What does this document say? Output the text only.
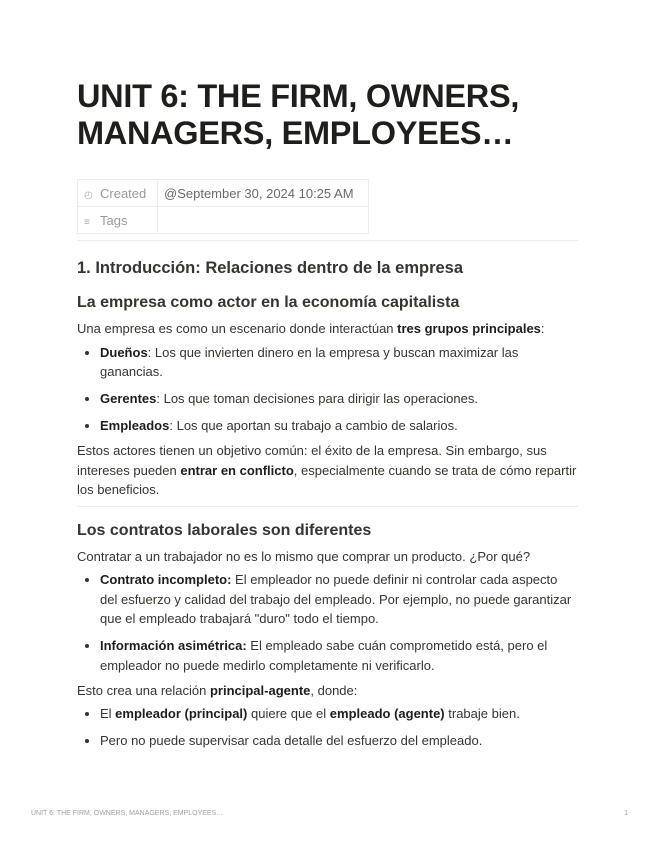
UNIT 6: THE FIRM, OWNERS, MANAGERS, EMPLOYEES…
◴ Created	@September 30, 2024 10:25 AM
≡ Tags	
1. Introducción: Relaciones dentro de la empresa
La empresa como actor en la economía capitalista

Una empresa es como un escenario donde interactúan tres grupos principales:

• Dueños: Los que invierten dinero en la empresa y buscan maximizar las ganancias.
• Gerentes: Los que toman decisiones para dirigir las operaciones.
• Empleados: Los que aportan su trabajo a cambio de salarios.

Estos actores tienen un objetivo común: el éxito de la empresa. Sin embargo, sus intereses pueden entrar en conflicto, especialmente cuando se trata de cómo repartir los beneficios.

Los contratos laborales son diferentes

Contratar a un trabajador no es lo mismo que comprar un producto. ¿Por qué?

• Contrato incompleto: El empleador no puede definir ni controlar cada aspecto del esfuerzo y calidad del trabajo del empleado. Por ejemplo, no puede garantizar que el empleado trabajará "duro" todo el tiempo.
• Información asimétrica: El empleado sabe cuán comprometido está, pero el empleador no puede medirlo completamente ni verificarlo.

Esto crea una relación principal-agente, donde:

• El empleador (principal) quiere que el empleado (agente) trabaje bien.
• Pero no puede supervisar cada detalle del esfuerzo del empleado.
UNIT 6: THE FIRM, OWNERS, MANAGERS, EMPLOYEES…	1
